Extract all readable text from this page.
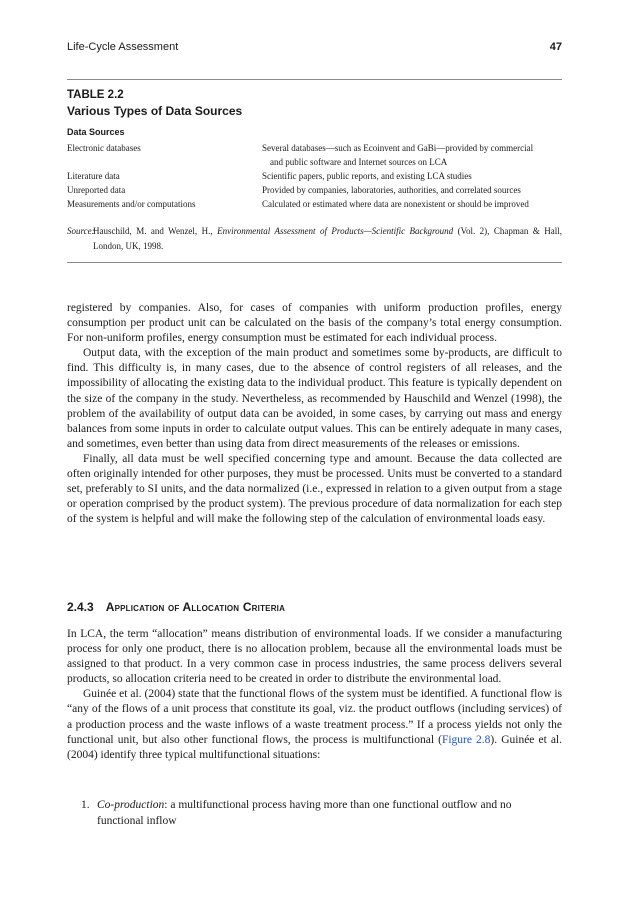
Life-Cycle Assessment	47
TABLE 2.2
Various Types of Data Sources
Data Sources
Electronic databases	Several databases—such as Ecoinvent and GaBi—provided by commercial
and public software and Internet sources on LCA
Literature data	Scientific papers, public reports, and existing LCA studies
Unreported data	Provided by companies, laboratories, authorities, and correlated sources
Measurements and/or computations	Calculated or estimated where data are nonexistent or should be improved
Source:
Hauschild, M. and Wenzel, H., Environmental Assessment of Products—Scientific Background (Vol. 2), Chapman & Hall, London, UK, 1998.

registered by companies. Also, for cases of companies with uniform production profiles, energy consumption per product unit can be calculated on the basis of the company’s total energy consumption. For non-uniform profiles, energy consumption must be estimated for each individual process.

Output data, with the exception of the main product and sometimes some by-products, are difficult to find. This difficulty is, in many cases, due to the absence of control registers of all releases, and the impossibility of allocating the existing data to the individual product. This feature is typically dependent on the size of the company in the study. Nevertheless, as recommended by Hauschild and Wenzel (1998), the problem of the availability of output data can be avoided, in some cases, by carrying out mass and energy balances from some inputs in order to calculate output values. This can be entirely adequate in many cases, and sometimes, even better than using data from direct measurements of the releases or emissions.

Finally, all data must be well specified concerning type and amount. Because the data collected are often originally intended for other purposes, they must be processed. Units must be converted to a standard set, preferably to SI units, and the data normalized (i.e., expressed in relation to a given output from a stage or operation comprised by the product system). The previous procedure of data normalization for each step of the system is helpful and will make the following step of the calculation of environmental loads easy.

2.4.3 Application of Allocation Criteria

In LCA, the term “allocation” means distribution of environmental loads. If we consider a manufacturing process for only one product, there is no allocation problem, because all the environmental loads must be assigned to that product. In a very common case in process industries, the same process delivers several products, so allocation criteria need to be created in order to distribute the environmental load.

Guinée et al. (2004) state that the functional flows of the system must be identified. A functional flow is “any of the flows of a unit process that constitute its goal, viz. the product outflows (including services) of a production process and the waste inflows of a waste treatment process.” If a process yields not only the functional unit, but also other functional flows, the process is multifunctional (Figure 2.8). Guinée et al. (2004) identify three typical multifunctional situations:

1. Co-production: a multifunctional process having more than one functional outflow and no functional inflow
